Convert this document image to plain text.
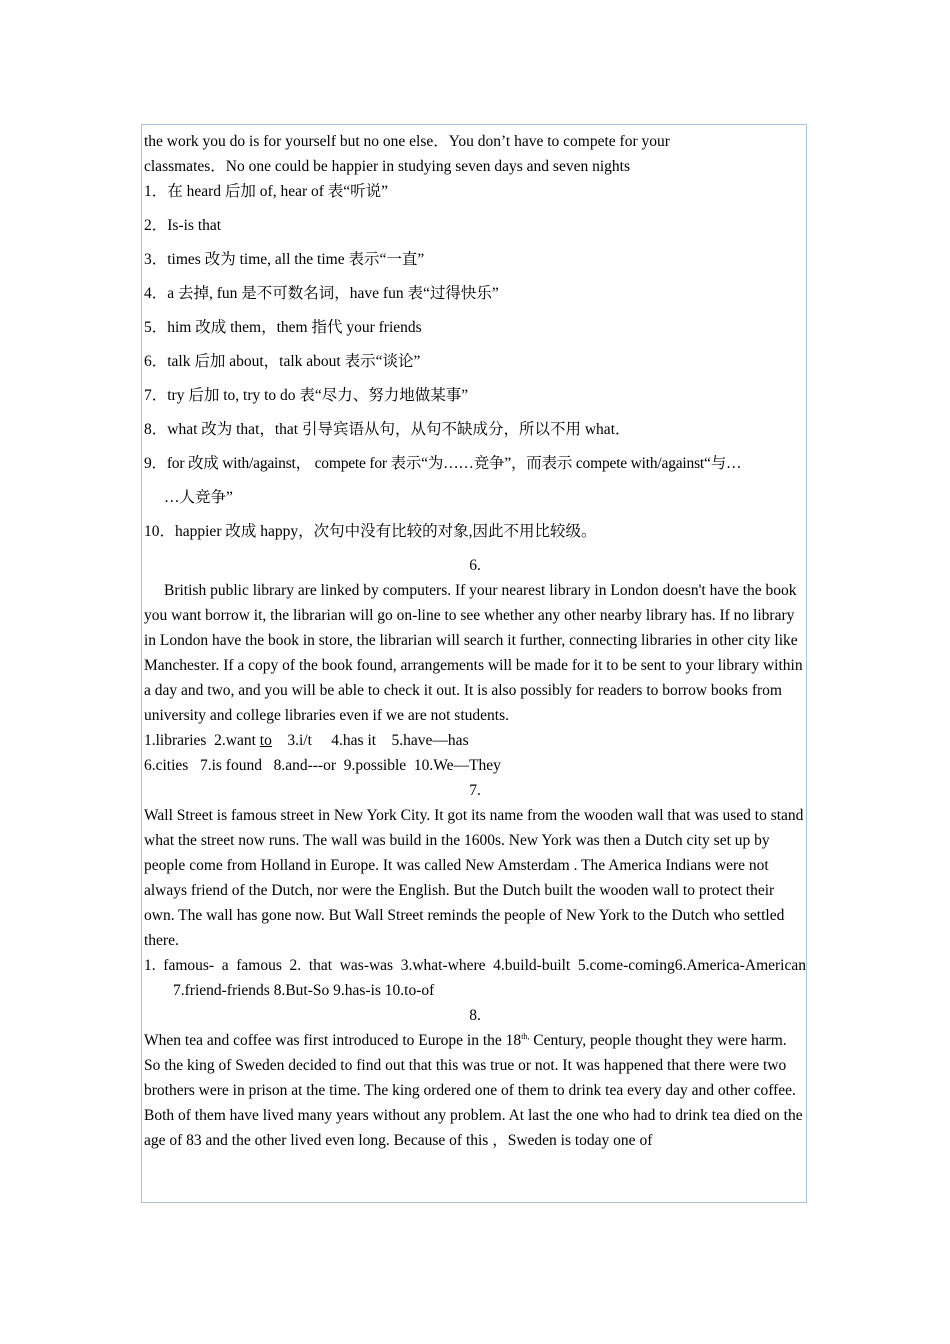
the work you do is for yourself but no one else．You don’t have to compete for your

classmates．No one could be happier in studying seven days and seven nights

1．在 heard 后加 of, hear of 表“听说”

2．Is-is that

3．times 改为 time, all the time 表示“一直”

4．a 去掉, fun 是不可数名词，have fun 表“过得快乐”

5．him 改成 them，them 指代 your friends

6．talk 后加 about，talk about 表示“谈论”

7．try 后加 to, try to do 表“尽力、努力地做某事”

8．what 改为 that，that 引导宾语从句，从句不缺成分，所以不用 what．

9．for 改成 with/against， compete for 表示“为……竞争”，而表示 compete with/against“与…

…人竞争”

10．happier 改成 happy，次句中没有比较的对象,因此不用比较级。

6.

British public library are linked by computers. If your nearest library in London doesn't have the book you want borrow it, the librarian will go on-line to see whether any other nearby library has. If no library in London have the book in store, the librarian will search it further, connecting libraries in other city like Manchester. If a copy of the book found, arrangements will be made for it to be sent to your library within a day and two, and you will be able to check it out. It is also possibly for readers to borrow books from university and college libraries even if we are not students.

1.libraries  2.want to    3.i/t     4.has it    5.have—has

6.cities   7.is found   8.and---or  9.possible  10.We—They

7.

Wall Street is famous street in New York City. It got its name from the wooden wall that was used to stand what the street now runs. The wall was build in the 1600s. New York was then a Dutch city set up by people come from Holland in Europe. It was called New Amsterdam . The America Indians were not always friend of the Dutch, nor were the English. But the Dutch built the wooden wall to protect their own. The wall has gone now. But Wall Street reminds the people of New York to the Dutch who settled there.

1. famous- a famous 2. that was-was 3.what-where 4.build-built 5.come-coming6.America-American 7.friend-friends 8.But-So 9.has-is 10.to-of

8.

When tea and coffee was first introduced to Europe in the $18^{th,}$ Century, people thought they were harm. So the king of Sweden decided to find out that this was true or not. It was happened that there were two

brothers were in prison at the time. The king ordered one of them to drink tea every day and other coffee. Both of them have lived many years without any problem. At last the one who had to drink tea died on the age of 83 and the other lived even long. Because of this ，Sweden is today one of
